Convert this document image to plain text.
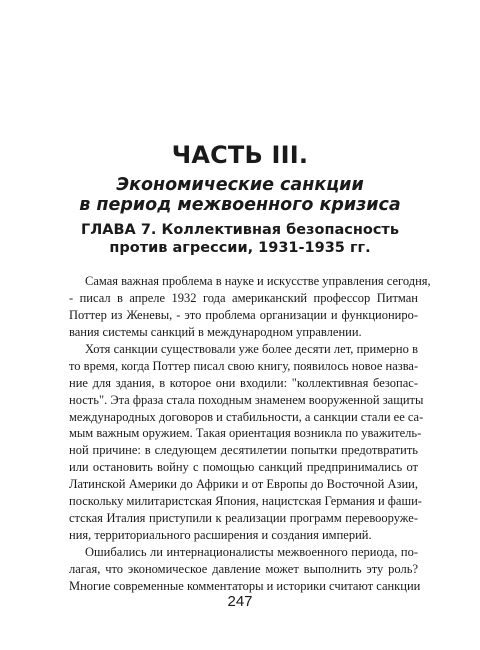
ЧАСТЬ III.
Экономические санкции
в период межвоенного кризиса
ГЛАВА 7. Коллективная безопасность
против агрессии, 1931-1935 гг.
Самая важная проблема в науке и искусстве управления сегодня,
- писал в апреле 1932 года американский профессор Питман
Поттер из Женевы, - это проблема организации и функциониро-
вания системы санкций в международном управлении.
Хотя санкции существовали уже более десяти лет, примерно в
то время, когда Поттер писал свою книгу, появилось новое назва-
ние для здания, в которое они входили: "коллективная безопас-
ность". Эта фраза стала походным знаменем вооруженной защиты
международных договоров и стабильности, а санкции стали ее са-
мым важным оружием. Такая ориентация возникла по уважитель-
ной причине: в следующем десятилетии попытки предотвратить
или остановить войну с помощью санкций предпринимались от
Латинской Америки до Африки и от Европы до Восточной Азии,
поскольку милитаристская Япония, нацистская Германия и фаши-
стская Италия приступили к реализации программ перевооруже-
ния, территориального расширения и создания империй.
Ошибались ли интернационалисты межвоенного периода, по-
лагая, что экономическое давление может выполнить эту роль?
Многие современные комментаторы и историки считают санкции
247
